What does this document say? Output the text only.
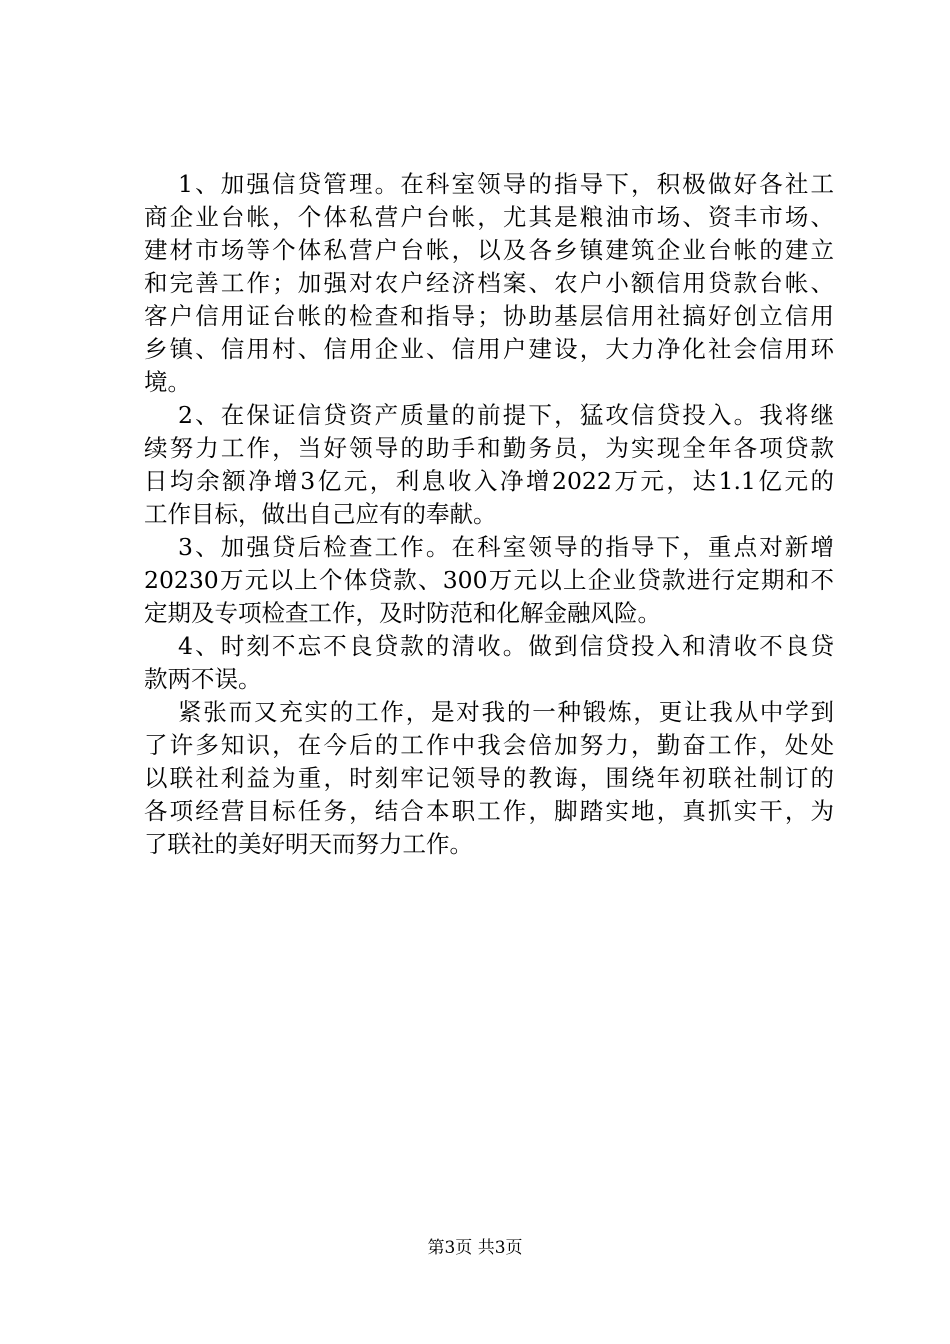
1、加强信贷管理。在科室领导的指导下，积极做好各社工
商企业台帐，个体私营户台帐，尤其是粮油市场、资丰市场、
建材市场等个体私营户台帐，以及各乡镇建筑企业台帐的建立
和完善工作；加强对农户经济档案、农户小额信用贷款台帐、
客户信用证台帐的检查和指导；协助基层信用社搞好创立信用
乡镇、信用村、信用企业、信用户建设，大力净化社会信用环
境。
2、在保证信贷资产质量的前提下，猛攻信贷投入。我将继
续努力工作，当好领导的助手和勤务员，为实现全年各项贷款
日均余额净增3亿元，利息收入净增2022万元，达1.1亿元的
工作目标，做出自己应有的奉献。
3、加强贷后检查工作。在科室领导的指导下，重点对新增
20230万元以上个体贷款、300万元以上企业贷款进行定期和不
定期及专项检查工作，及时防范和化解金融风险。
4、时刻不忘不良贷款的清收。做到信贷投入和清收不良贷
款两不误。
紧张而又充实的工作，是对我的一种锻炼，更让我从中学到
了许多知识，在今后的工作中我会倍加努力，勤奋工作，处处
以联社利益为重，时刻牢记领导的教诲，围绕年初联社制订的
各项经营目标任务，结合本职工作，脚踏实地，真抓实干，为
了联社的美好明天而努力工作。
第3页 共3页
